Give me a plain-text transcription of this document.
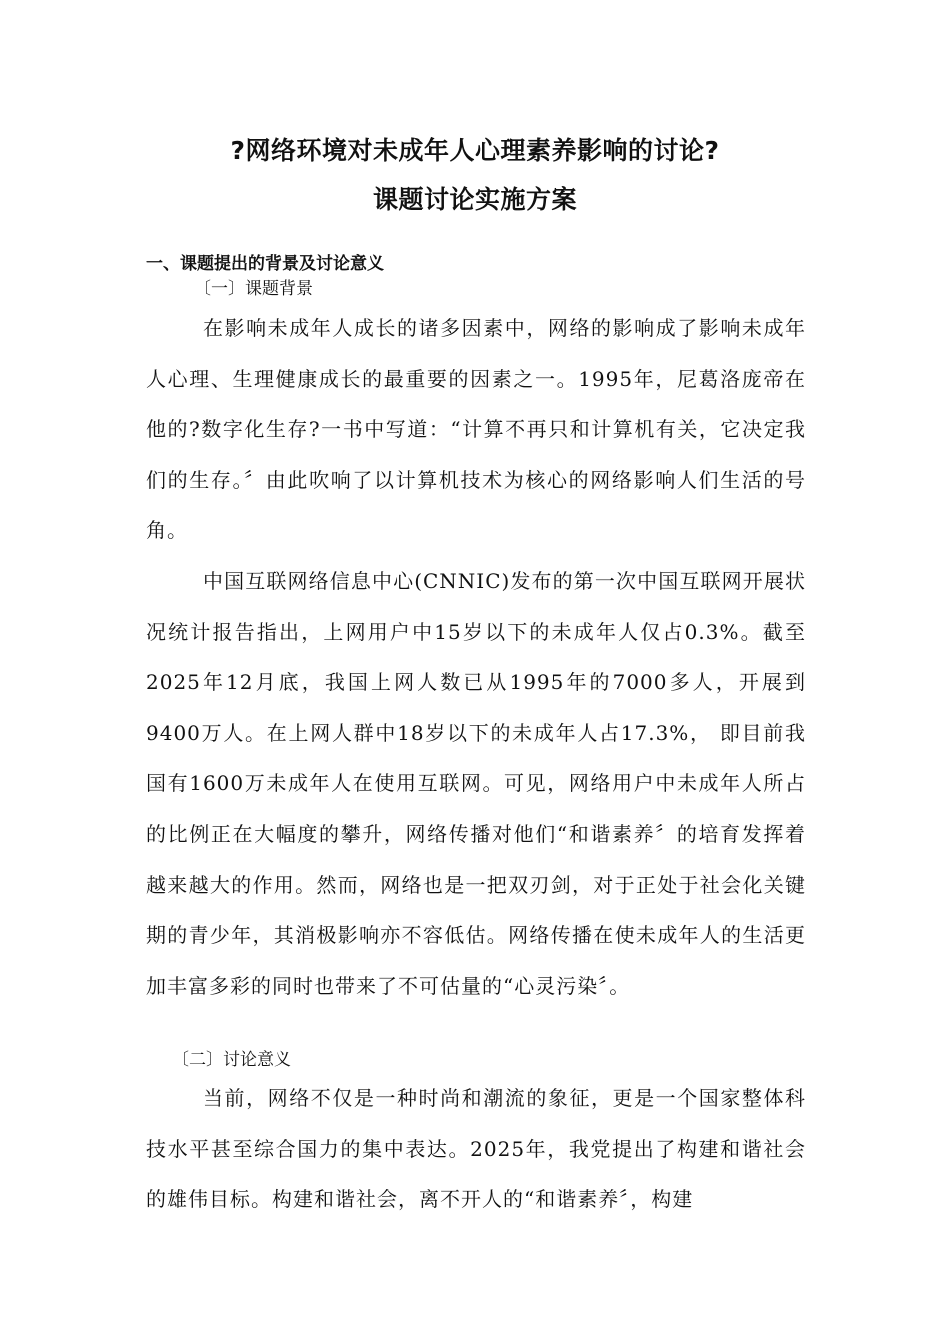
?网络环境对未成年人心理素养影响的讨论?
课题讨论实施方案
一、课题提出的背景及讨论意义
〔一〕课题背景

在影响未成年人成长的诸多因素中，网络的影响成了影响未成年人心理、生理健康成长的最重要的因素之一。1995年，尼葛洛庞帝在他的?数字化生存?一书中写道：“计算不再只和计算机有关，它决定我们的生存。〞由此吹响了以计算机技术为核心的网络影响人们生活的号角。

中国互联网络信息中心(CNNIC)发布的第一次中国互联网开展状况统计报告指出，上网用户中15岁以下的未成年人仅占0.3%。截至2025年12月底，我国上网人数已从1995年的7000多人，开展到9400万人。在上网人群中18岁以下的未成年人占17.3%， 即目前我国有1600万未成年人在使用互联网。可见，网络用户中未成年人所占的比例正在大幅度的攀升，网络传播对他们“和谐素养〞的培育发挥着越来越大的作用。然而，网络也是一把双刃剑，对于正处于社会化关键期的青少年，其消极影响亦不容低估。网络传播在使未成年人的生活更加丰富多彩的同时也带来了不可估量的“心灵污染〞。

〔二〕讨论意义

当前，网络不仅是一种时尚和潮流的象征，更是一个国家整体科技水平甚至综合国力的集中表达。2025年，我党提出了构建和谐社会的雄伟目标。构建和谐社会，离不开人的“和谐素养〞，构建
